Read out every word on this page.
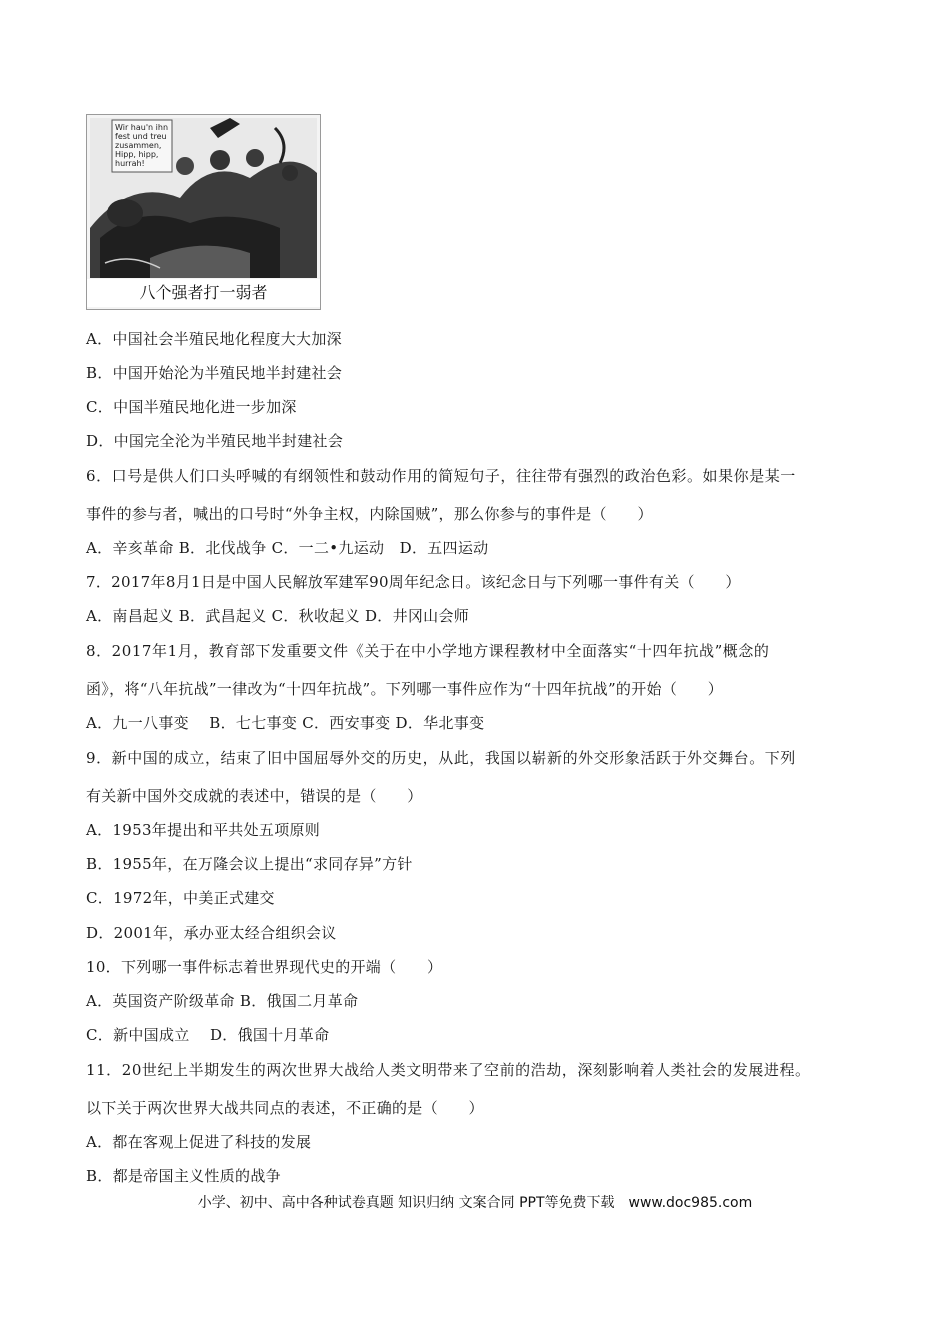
Wir hau'n ihn
fest und treu
zusammen,
Hipp, hipp,
hurrah!
八个强者打一弱者
A．中国社会半殖民地化程度大大加深
B．中国开始沦为半殖民地半封建社会
C．中国半殖民地化进一步加深
D．中国完全沦为半殖民地半封建社会
6．口号是供人们口头呼喊的有纲领性和鼓动作用的简短句子，往往带有强烈的政治色彩。如果你是某一
事件的参与者，喊出的口号时“外争主权，内除国贼”，那么你参与的事件是（　　）
A．辛亥革命 B．北伐战争 C．一二•九运动　D．五四运动
7．2017年8月1日是中国人民解放军建军90周年纪念日。该纪念日与下列哪一事件有关（　　）
A．南昌起义 B．武昌起义 C．秋收起义 D．井冈山会师
8．2017年1月，教育部下发重要文件《关于在中小学地方课程教材中全面落实“十四年抗战”概念的
函》，将“八年抗战”一律改为“十四年抗战”。下列哪一事件应作为“十四年抗战”的开始（　　）
A．九一八事变　 B．七七事变 C．西安事变 D．华北事变
9．新中国的成立，结束了旧中国屈辱外交的历史，从此，我国以崭新的外交形象活跃于外交舞台。下列
有关新中国外交成就的表述中，错误的是（　　）
A．1953年提出和平共处五项原则
B．1955年，在万隆会议上提出“求同存异”方针
C．1972年，中美正式建交
D．2001年，承办亚太经合组织会议
10．下列哪一事件标志着世界现代史的开端（　　）
A．英国资产阶级革命 B．俄国二月革命
C．新中国成立　 D．俄国十月革命
11．20世纪上半期发生的两次世界大战给人类文明带来了空前的浩劫，深刻影响着人类社会的发展进程。
以下关于两次世界大战共同点的表述，不正确的是（　　）
A．都在客观上促进了科技的发展
B．都是帝国主义性质的战争
小学、初中、高中各种试卷真题 知识归纳 文案合同 PPT等免费下载　www.doc985.com
